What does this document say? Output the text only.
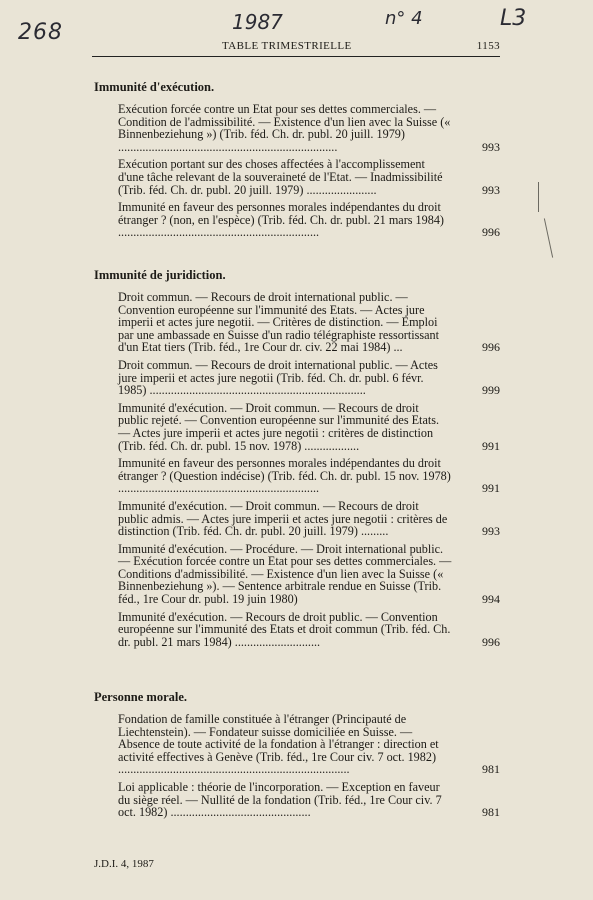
268	1987	n° 4	L3
TABLE TRIMESTRIELLE	1153
Immunité d'exécution.

Exécution forcée contre un Etat pour ses dettes commerciales. — Condition de l'admissibilité. — Existence d'un lien avec la Suisse (« Binnenbeziehung ») (Trib. féd. Ch. dr. publ. 20 juill. 1979) ........................................................................	993

Exécution portant sur des choses affectées à l'accomplissement d'une tâche relevant de la souveraineté de l'Etat. — Inadmissibilité (Trib. féd. Ch. dr. publ. 20 juill. 1979) .......................	993

Immunité en faveur des personnes morales indépendantes du droit étranger ? (non, en l'espèce) (Trib. féd. Ch. dr. publ. 21 mars 1984) ..................................................................	996
Immunité de juridiction.

Droit commun. — Recours de droit international public. — Convention européenne sur l'immunité des Etats. — Actes jure imperii et actes jure negotii. — Critères de distinction. — Emploi par une ambassade en Suisse d'un radio télégraphiste ressortissant d'un Etat tiers (Trib. féd., 1re Cour dr. civ. 22 mai 1984) ...	996

Droit commun. — Recours de droit international public. — Actes jure imperii et actes jure negotii (Trib. féd. Ch. dr. publ. 6 févr. 1985) .......................................................................	999

Immunité d'exécution. — Droit commun. — Recours de droit public rejeté. — Convention européenne sur l'immunité des Etats. — Actes jure imperii et actes jure negotii : critères de distinction (Trib. féd. Ch. dr. publ. 15 nov. 1978) ..................	991

Immunité en faveur des personnes morales indépendantes du droit étranger ? (Question indécise) (Trib. féd. Ch. dr. publ. 15 nov. 1978) ..................................................................	991

Immunité d'exécution. — Droit commun. — Recours de droit public admis. — Actes jure imperii et actes jure negotii : critères de distinction (Trib. féd. Ch. dr. publ. 20 juill. 1979) .........	993

Immunité d'exécution. — Procédure. — Droit international public. — Exécution forcée contre un Etat pour ses dettes commerciales. — Conditions d'admissibilité. — Existence d'un lien avec la Suisse (« Binnenbeziehung »). — Sentence arbitrale rendue en Suisse (Trib. féd., 1re Cour dr. publ. 19 juin 1980)	994

Immunité d'exécution. — Recours de droit public. — Convention européenne sur l'immunité des Etats et droit commun (Trib. féd. Ch. dr. publ. 21 mars 1984) ............................	996
Personne morale.

Fondation de famille constituée à l'étranger (Principauté de Liechtenstein). — Fondateur suisse domiciliée en Suisse. — Absence de toute activité de la fondation à l'étranger : direction et activité effectives à Genève (Trib. féd., 1re Cour civ. 7 oct. 1982) ............................................................................	981

Loi applicable : théorie de l'incorporation. — Exception en faveur du siège réel. — Nullité de la fondation (Trib. féd., 1re Cour civ. 7 oct. 1982) ..............................................	981
J.D.I. 4, 1987
